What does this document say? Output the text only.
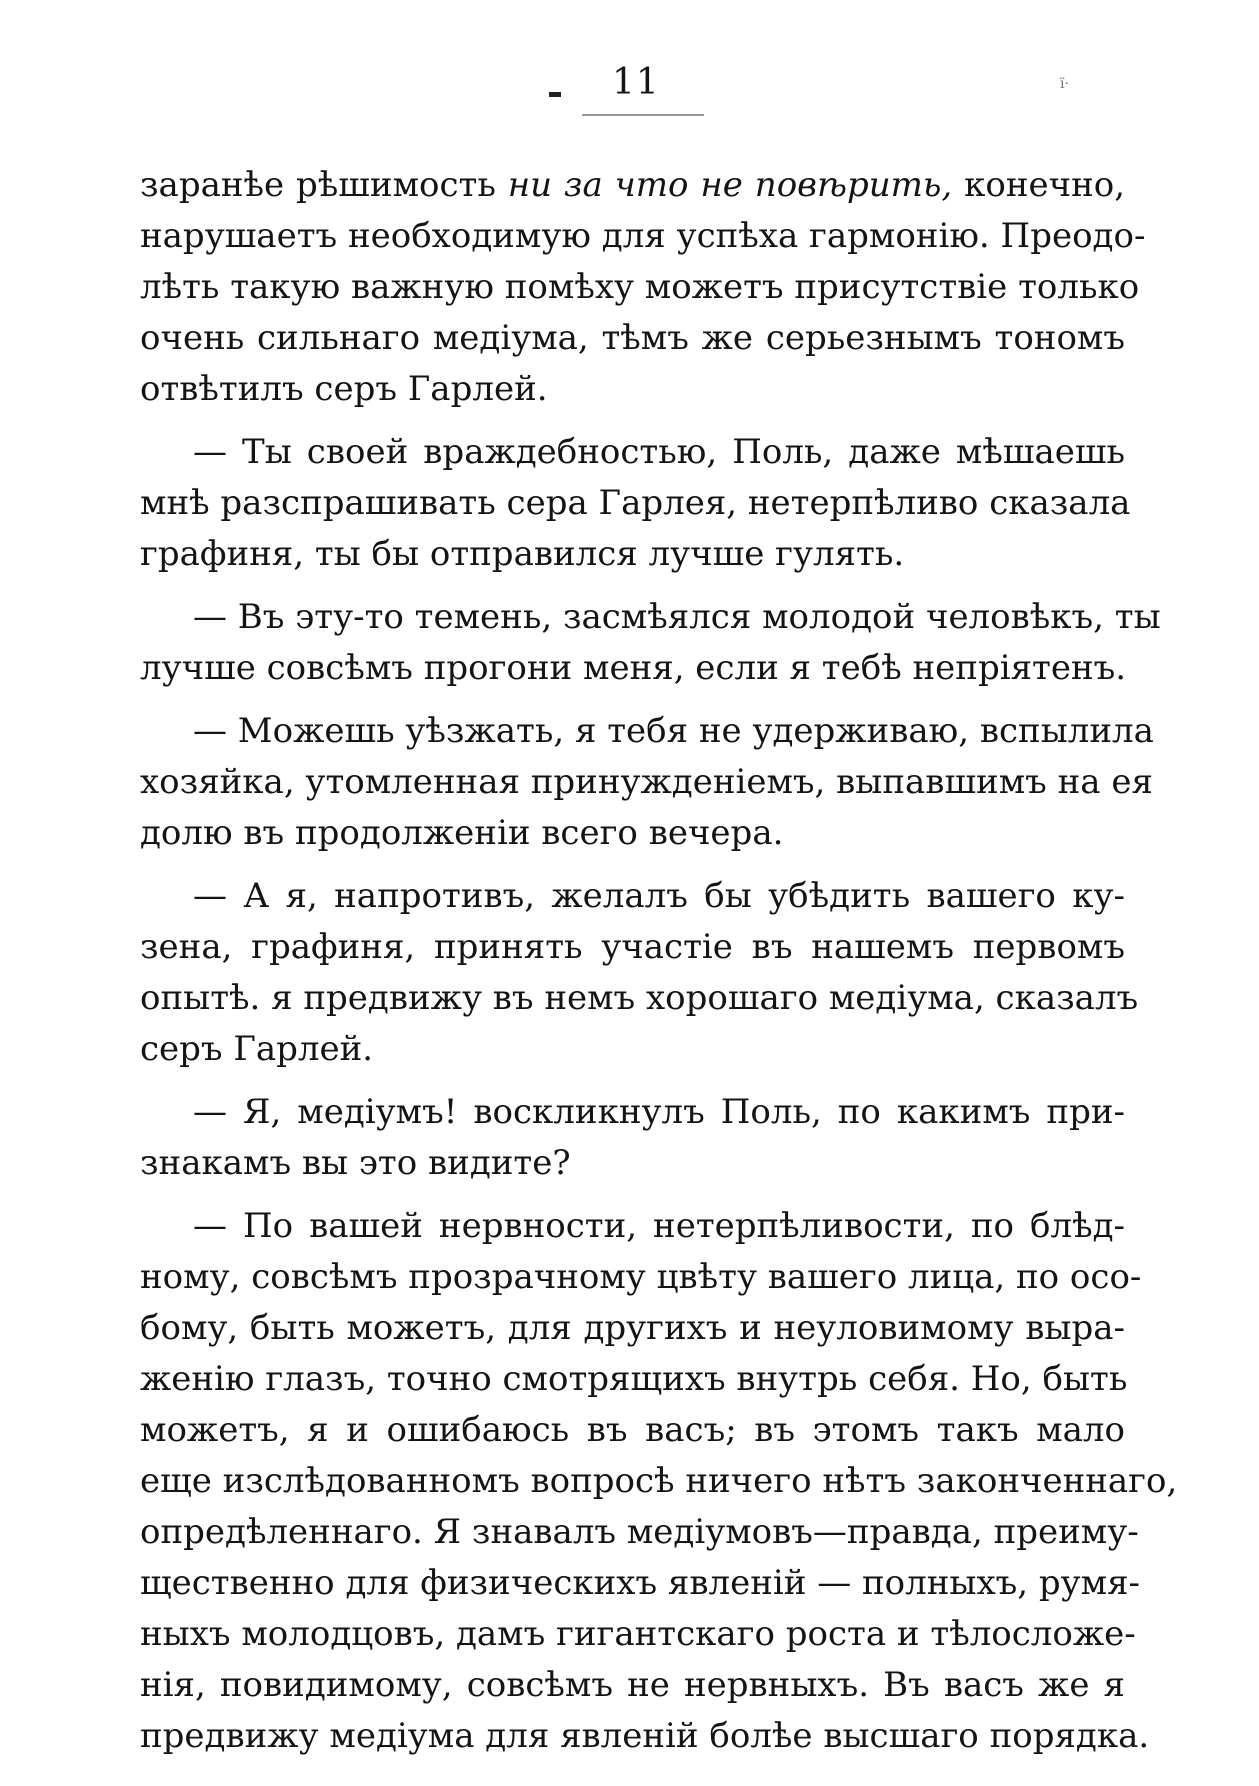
11	ї·
заранѣе рѣшимость ни за что не повѣрить, конечно,
нарушаетъ необходимую для успѣха гармонію. Преодо-
лѣть такую важную помѣху можетъ присутствіе только
очень сильнаго медіума, тѣмъ же серьезнымъ тономъ
отвѣтилъ серъ Гарлей.
— Ты своей враждебностью, Поль, даже мѣшаешь
мнѣ разспрашивать сера Гарлея, нетерпѣливо сказала
графиня, ты бы отправился лучше гулять.
— Въ эту-то темень, засмѣялся молодой человѣкъ, ты
лучше совсѣмъ прогони меня, если я тебѣ непріятенъ.
— Можешь уѣзжать, я тебя не удерживаю, вспылила
хозяйка, утомленная принужденіемъ, выпавшимъ на ея
долю въ продолженіи всего вечера.
— А я, напротивъ, желалъ бы убѣдить вашего ку-
зена, графиня, принять участіе въ нашемъ первомъ
опытѣ. я предвижу въ немъ хорошаго медіума, сказалъ
серъ Гарлей.
— Я, медіумъ! воскликнулъ Поль, по какимъ при-
знакамъ вы это видите?
— По вашей нервности, нетерпѣливости, по блѣд-
ному, совсѣмъ прозрачному цвѣту вашего лица, по осо-
бому, быть можетъ, для другихъ и неуловимому выра-
женію глазъ, точно смотрящихъ внутрь себя. Но, быть
можетъ, я и ошибаюсь въ васъ; въ этомъ такъ мало
еще изслѣдованномъ вопросѣ ничего нѣтъ законченнаго,
опредѣленнаго. Я знавалъ медіумовъ—правда, преиму-
щественно для физическихъ явленій — полныхъ, румя-
ныхъ молодцовъ, дамъ гигантскаго роста и тѣлосложе-
нія, повидимому, совсѣмъ не нервныхъ. Въ васъ же я
предвижу медіума для явленій болѣе высшаго порядка.
